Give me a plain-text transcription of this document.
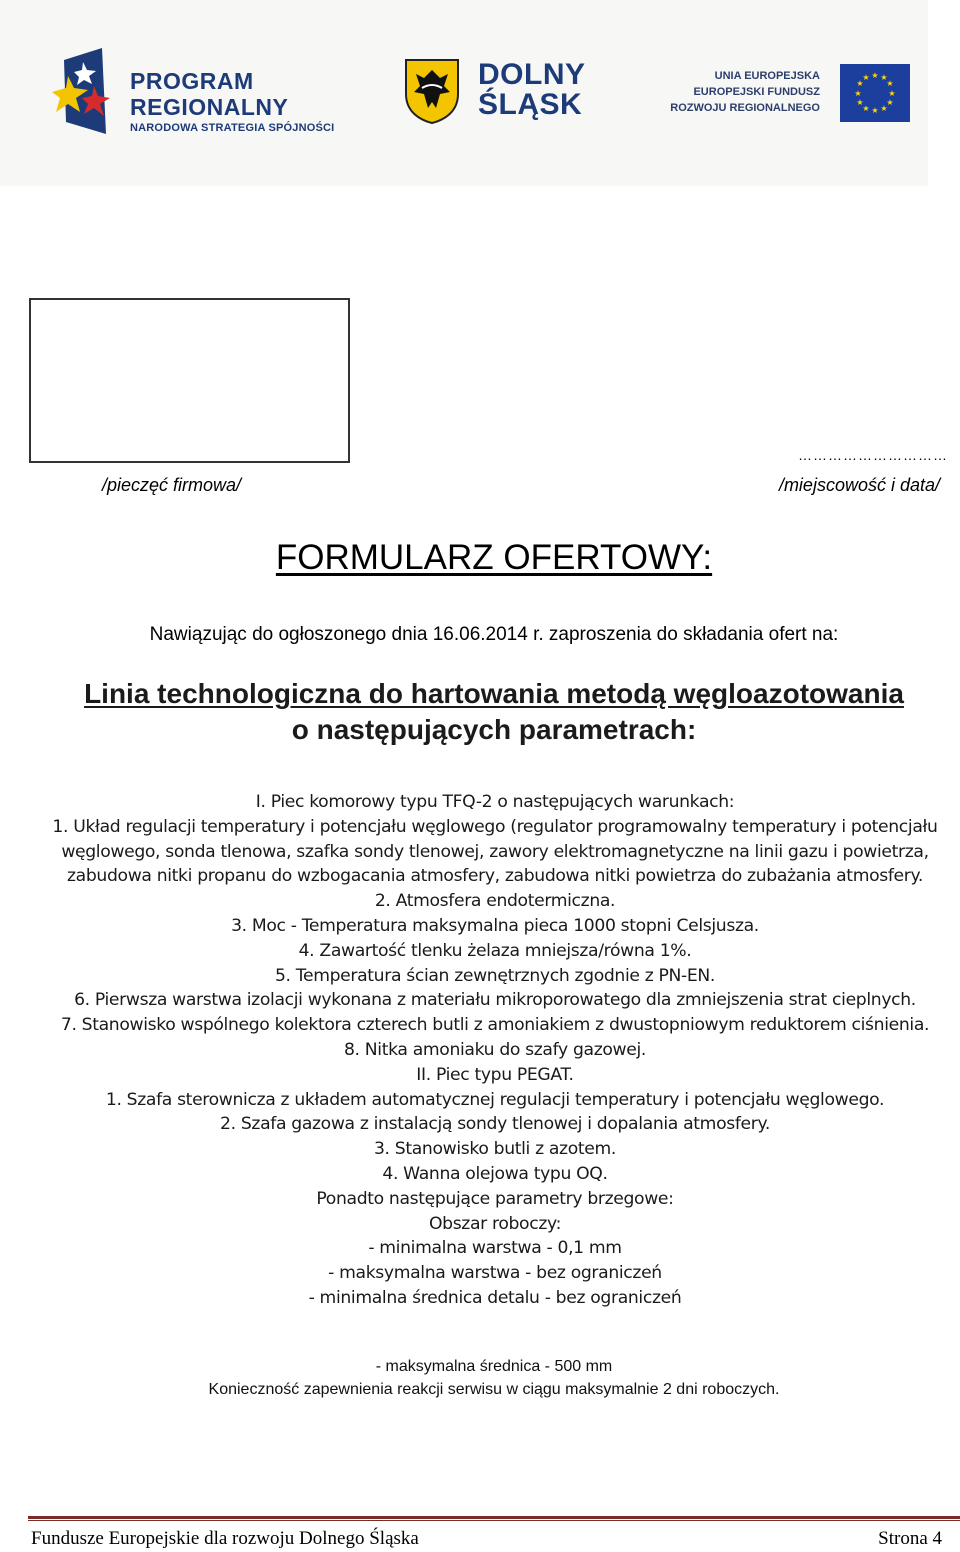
PROGRAM
REGIONALNY
NARODOWA STRATEGIA SPÓJNOŚCI
DOLNY
ŚLĄSK
UNIA EUROPEJSKA
EUROPEJSKI FUNDUSZ
ROZWOJU REGIONALNEGO
★ ★
★
★
★
★
★
★
★
★
★
★
/pieczęć firmowa/
…………………………
/miejscowość i data/
FORMULARZ OFERTOWY:
Nawiązując do ogłoszonego dnia 16.06.2014 r. zaproszenia do składania ofert na:
Linia technologiczna do hartowania metodą węgloazotowania
o następujących parametrach:
I. Piec komorowy typu TFQ-2 o następujących warunkach:
1. Układ regulacji temperatury i potencjału węglowego (regulator programowalny temperatury i potencjału węglowego, sonda tlenowa, szafka sondy tlenowej, zawory elektromagnetyczne na linii gazu i powietrza, zabudowa nitki propanu do wzbogacania atmosfery, zabudowa nitki powietrza do zubażania atmosfery.
2. Atmosfera endotermiczna.
3. Moc - Temperatura maksymalna pieca 1000 stopni Celsjusza.
4. Zawartość tlenku żelaza mniejsza/równa 1%.
5. Temperatura ścian zewnętrznych zgodnie z PN-EN.
6. Pierwsza warstwa izolacji wykonana z materiału mikroporowatego dla zmniejszenia strat cieplnych.
7. Stanowisko wspólnego kolektora czterech butli z amoniakiem z dwustopniowym reduktorem ciśnienia.
8. Nitka amoniaku do szafy gazowej.
II. Piec typu PEGAT.
1. Szafa sterownicza z układem automatycznej regulacji temperatury i potencjału węglowego.
2. Szafa gazowa z instalacją sondy tlenowej i dopalania atmosfery.
3. Stanowisko butli z azotem.
4. Wanna olejowa typu OQ.
Ponadto następujące parametry brzegowe:
Obszar roboczy:
- minimalna warstwa - 0,1 mm
- maksymalna warstwa - bez ograniczeń
- minimalna średnica detalu - bez ograniczeń
- maksymalna średnica - 500 mm
Konieczność zapewnienia reakcji serwisu w ciągu maksymalnie 2 dni roboczych.
Fundusze Europejskie dla rozwoju Dolnego Śląska	Strona 4
